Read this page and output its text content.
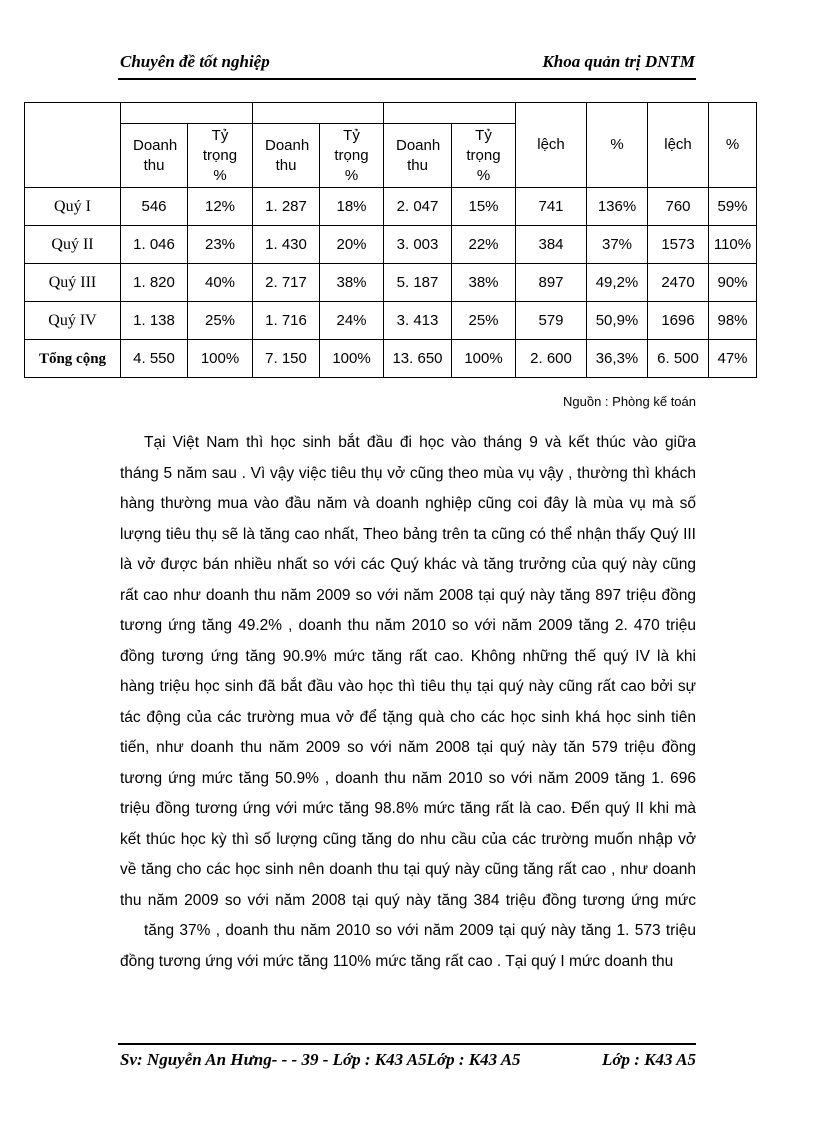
Chuyên đề tốt nghiệp	Khoa quản trị DNTM
							lệch	%	lệch	%
	Doanh thu	Tỷ trọng %	Doanh thu	Tỷ trọng %	Doanh thu	Tỷ trọng %				
Quý I	546	12%	1. 287	18%	2. 047	15%	741	136%	760	59%
Quý II	1. 046	23%	1. 430	20%	3. 003	22%	384	37%	1573	110%
Quý III	1. 820	40%	2. 717	38%	5. 187	38%	897	49,2%	2470	90%
Quý IV	1. 138	25%	1. 716	24%	3. 413	25%	579	50,9%	1696	98%
Tổng cộng	4. 550	100%	7. 150	100%	13. 650	100%	2. 600	36,3%	6. 500	47%
Nguồn : Phòng kế toán
Tại Việt Nam thì học sinh bắt đầu đi học vào tháng 9 và kết thúc vào giữa
tháng 5 năm sau . Vì vậy việc tiêu thụ vở cũng theo mùa vụ vậy , thường thì khách
hàng thường mua vào đầu năm và doanh nghiệp cũng coi đây là mùa vụ mà số
lượng tiêu thụ sẽ là tăng cao nhất, Theo bảng trên ta cũng có thể nhận thấy Quý III
là vở được bán nhiều nhất so với các Quý khác và tăng trưởng của quý này cũng
rất cao như doanh thu năm 2009 so với năm 2008 tại quý này tăng 897 triệu đồng
tương ứng tăng 49.2% , doanh thu năm 2010 so với năm 2009 tăng 2. 470 triệu
đồng tương ứng tăng 90.9% mức tăng rất cao. Không những thế quý IV là khi
hàng triệu học sinh đã bắt đầu vào học thì tiêu thụ tại quý này cũng rất cao bởi sự
tác động của các trường mua vở để tặng quà cho các học sinh khá học sinh tiên
tiến, như doanh thu năm 2009 so với năm 2008 tại quý này tăn 579 triệu đồng
tương ứng mức tăng 50.9% , doanh thu năm 2010 so với năm 2009 tăng 1. 696
triệu đồng tương ứng với mức tăng 98.8% mức tăng rất là cao. Đến quý II khi mà
kết thúc học kỳ thì số lượng cũng tăng do nhu cầu của các trường muốn nhập vở
về tăng cho các học sinh nên doanh thu tại quý này cũng tăng rất cao , như doanh
thu năm 2009 so với năm 2008 tại quý này tăng 384 triệu đồng tương ứng mức
tăng 37% , doanh thu năm 2010 so với năm 2009 tại quý này tăng 1. 573 triệu
đồng tương ứng với mức tăng 110% mức tăng rất cao . Tại quý I mức doanh thu
Sv: Nguyễn An Hưng- - - 39 - Lớp : K43 A5Lớp : K43 A5	Lớp : K43 A5
